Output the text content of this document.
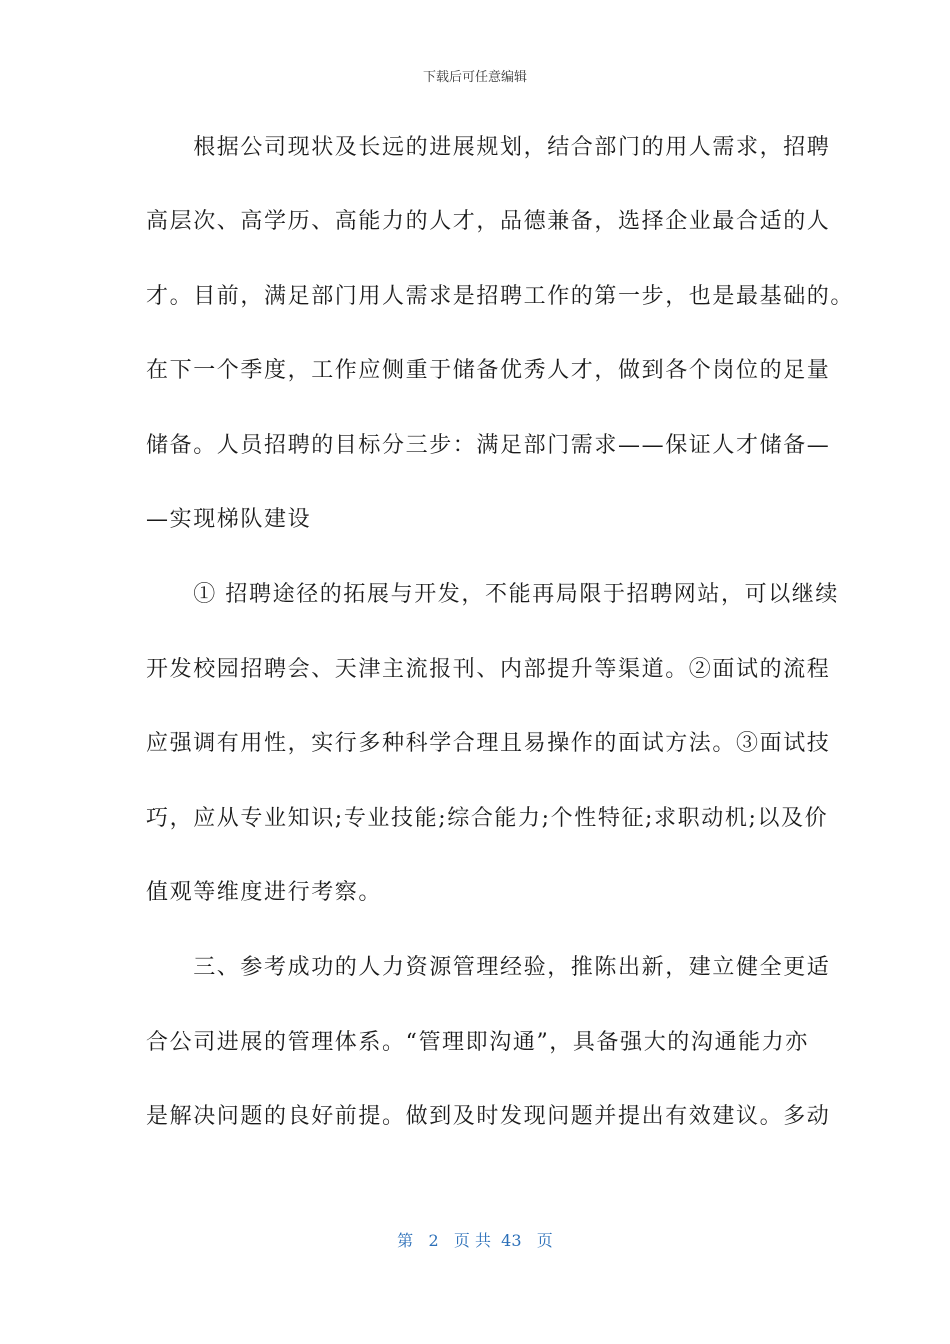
下载后可任意编辑
　　根据公司现状及长远的进展规划，结合部门的用人需求，招聘
高层次、高学历、高能力的人才，品德兼备，选择企业最合适的人
才。目前，满足部门用人需求是招聘工作的第一步，也是最基础的。
在下一个季度，工作应侧重于储备优秀人才，做到各个岗位的足量
储备。人员招聘的目标分三步：满足部门需求——保证人才储备—
—实现梯队建设
　　① 招聘途径的拓展与开发，不能再局限于招聘网站，可以继续
开发校园招聘会、天津主流报刊、内部提升等渠道。②面试的流程
应强调有用性，实行多种科学合理且易操作的面试方法。③面试技
巧，应从专业知识;专业技能;综合能力;个性特征;求职动机;以及价
值观等维度进行考察。
　　三、参考成功的人力资源管理经验，推陈出新，建立健全更适
合公司进展的管理体系。“管理即沟通”，具备强大的沟通能力亦
是解决问题的良好前提。做到及时发现问题并提出有效建议。多动
第 2 页 共 43 页
